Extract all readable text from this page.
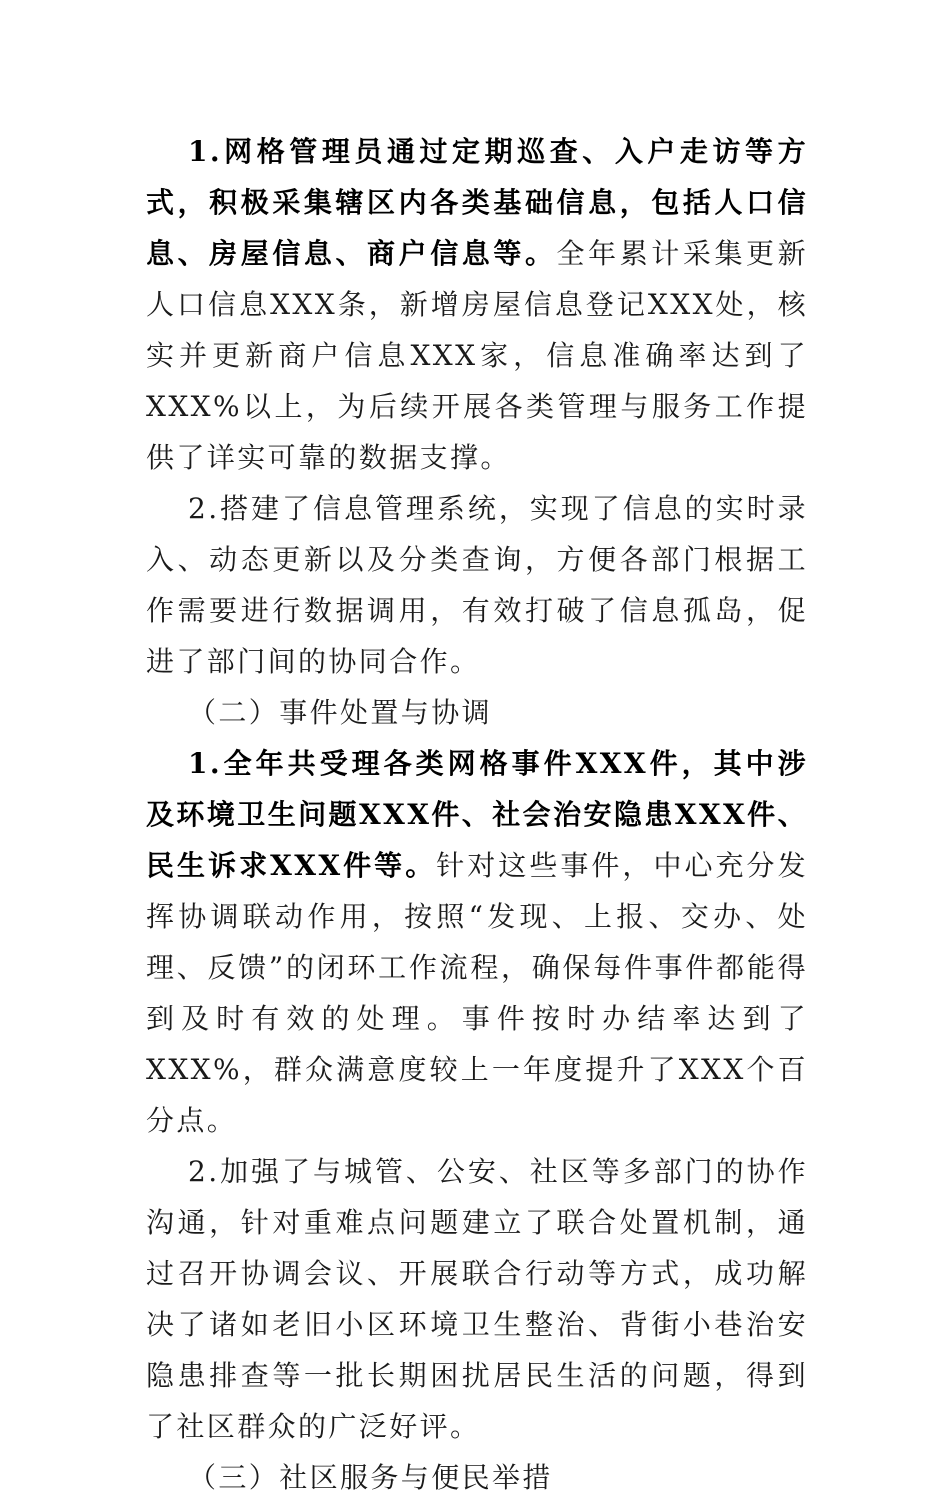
1.网格管理员通过定期巡查、入户走访等方式，积极采集辖区内各类基础信息，包括人口信息、房屋信息、商户信息等。全年累计采集更新人口信息XXX条，新增房屋信息登记XXX处，核实并更新商户信息XXX家，信息准确率达到了XXX%以上，为后续开展各类管理与服务工作提供了详实可靠的数据支撑。

2.搭建了信息管理系统，实现了信息的实时录入、动态更新以及分类查询，方便各部门根据工作需要进行数据调用，有效打破了信息孤岛，促进了部门间的协同合作。

（二）事件处置与协调

1.全年共受理各类网格事件XXX件，其中涉及环境卫生问题XXX件、社会治安隐患XXX件、民生诉求XXX件等。针对这些事件，中心充分发挥协调联动作用，按照“发现、上报、交办、处理、反馈”的闭环工作流程，确保每件事件都能得到及时有效的处理。事件按时办结率达到了XXX%，群众满意度较上一年度提升了XXX个百分点。

2.加强了与城管、公安、社区等多部门的协作沟通，针对重难点问题建立了联合处置机制，通过召开协调会议、开展联合行动等方式，成功解决了诸如老旧小区环境卫生整治、背街小巷治安隐患排查等一批长期困扰居民生活的问题，得到了社区群众的广泛好评。

（三）社区服务与便民举措
